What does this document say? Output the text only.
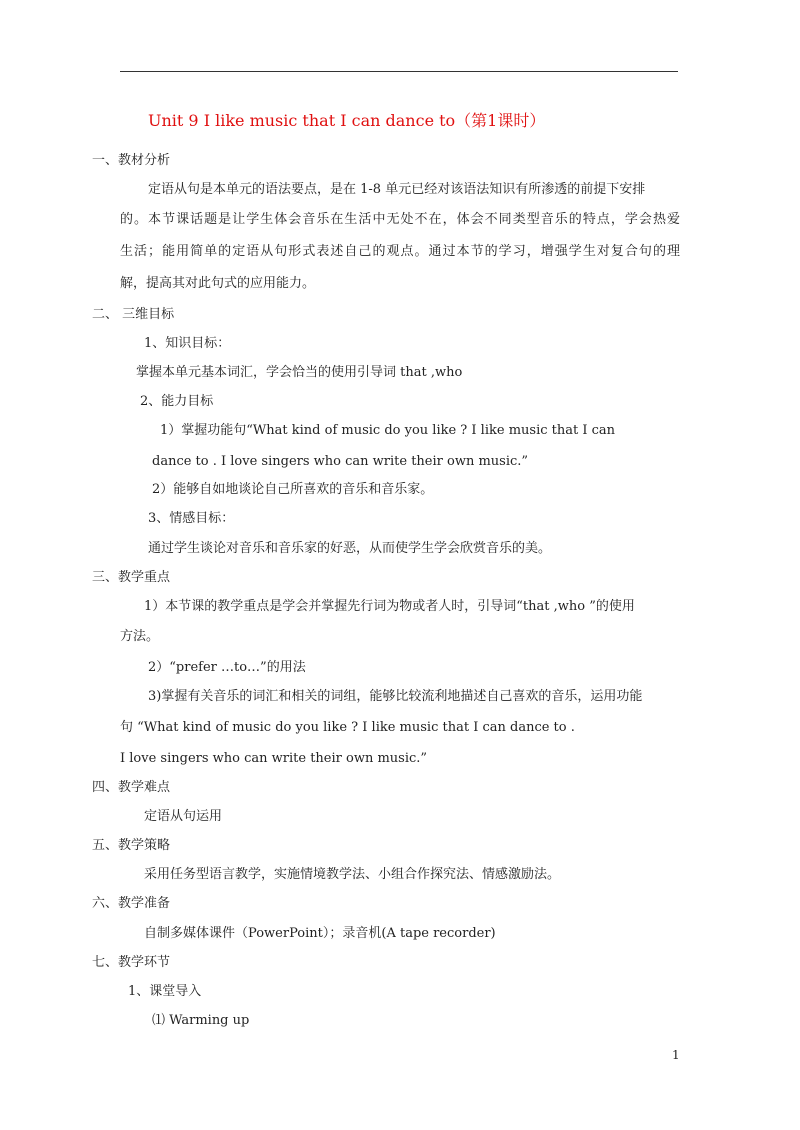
Unit 9 I like music that I can dance to（第1课时）
一、教材分析
定语从句是本单元的语法要点，是在 1-8 单元已经对该语法知识有所渗透的前提下安排
的。本节课话题是让学生体会音乐在生活中无处不在，体会不同类型音乐的特点，学会热爱
生活；能用简单的定语从句形式表述自己的观点。通过本节的学习，增强学生对复合句的理
解，提高其对此句式的应用能力。
二、 三维目标
1、知识目标：
掌握本单元基本词汇，学会恰当的使用引导词 that ,who
2、能力目标
1）掌握功能句“What kind of music do you like ? I like music that I can
dance to . I love singers who can write their own music.”
2）能够自如地谈论自己所喜欢的音乐和音乐家。
3、情感目标：
通过学生谈论对音乐和音乐家的好恶，从而使学生学会欣赏音乐的美。
三、教学重点
1）本节课的教学重点是学会并掌握先行词为物或者人时，引导词“that ,who ”的使用
方法。
2）“prefer …to…”的用法
3)掌握有关音乐的词汇和相关的词组，能够比较流利地描述自己喜欢的音乐，运用功能
句 “What kind of music do you like ? I like music that I can dance to .
I love singers who can write their own music.”
四、教学难点
定语从句运用
五、教学策略
采用任务型语言教学，实施情境教学法、小组合作探究法、情感激励法。
六、教学准备
自制多媒体课件（PowerPoint）；录音机(A tape recorder)
七、教学环节
1、课堂导入
⑴ Warming up
1
